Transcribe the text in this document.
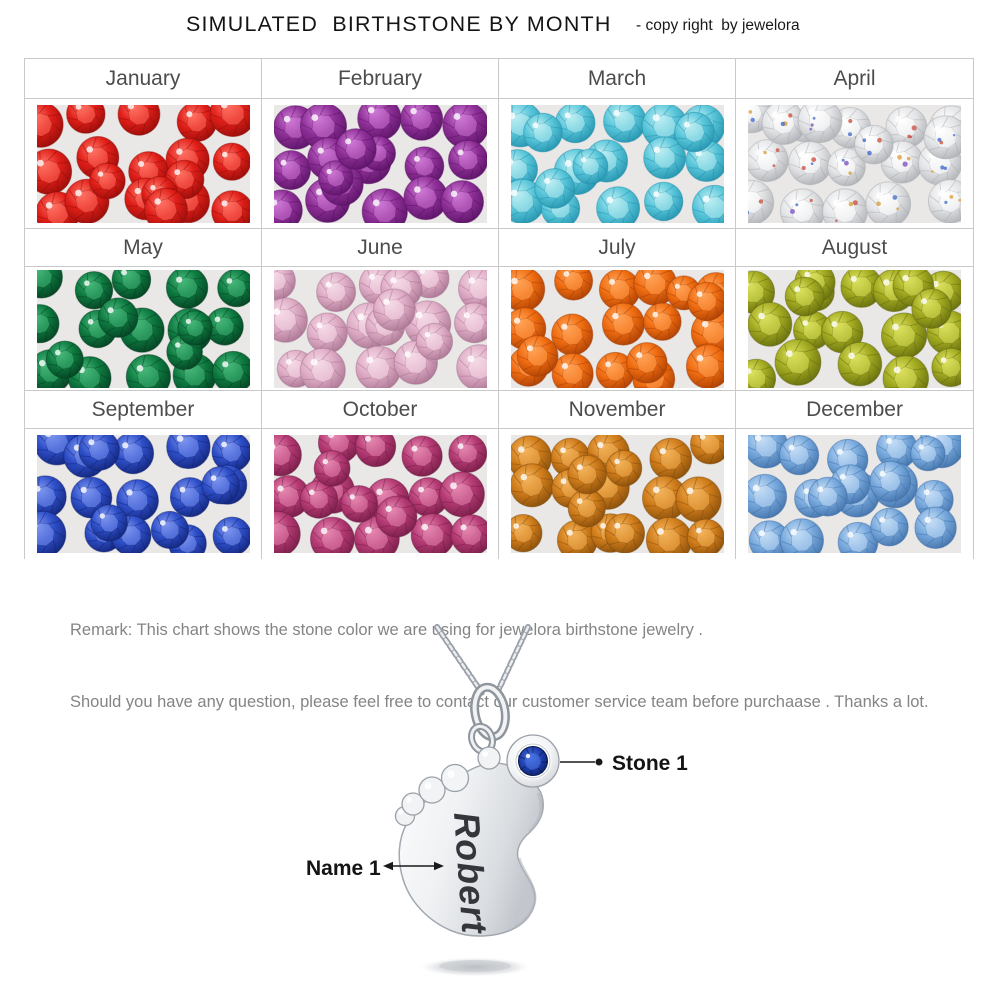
SIMULATED  BIRTHSTONE BY MONTH - copy right  by jewelora
January	February	March	April
May	June	July	August
September	October	November	December

Remark: This chart shows the stone color we are using for jewelora birthstone jewelry .

Should you have any question, please feel free to contact our customer service team before purchaase . Thanks a lot.

Robert
Stone 1
Name 1
